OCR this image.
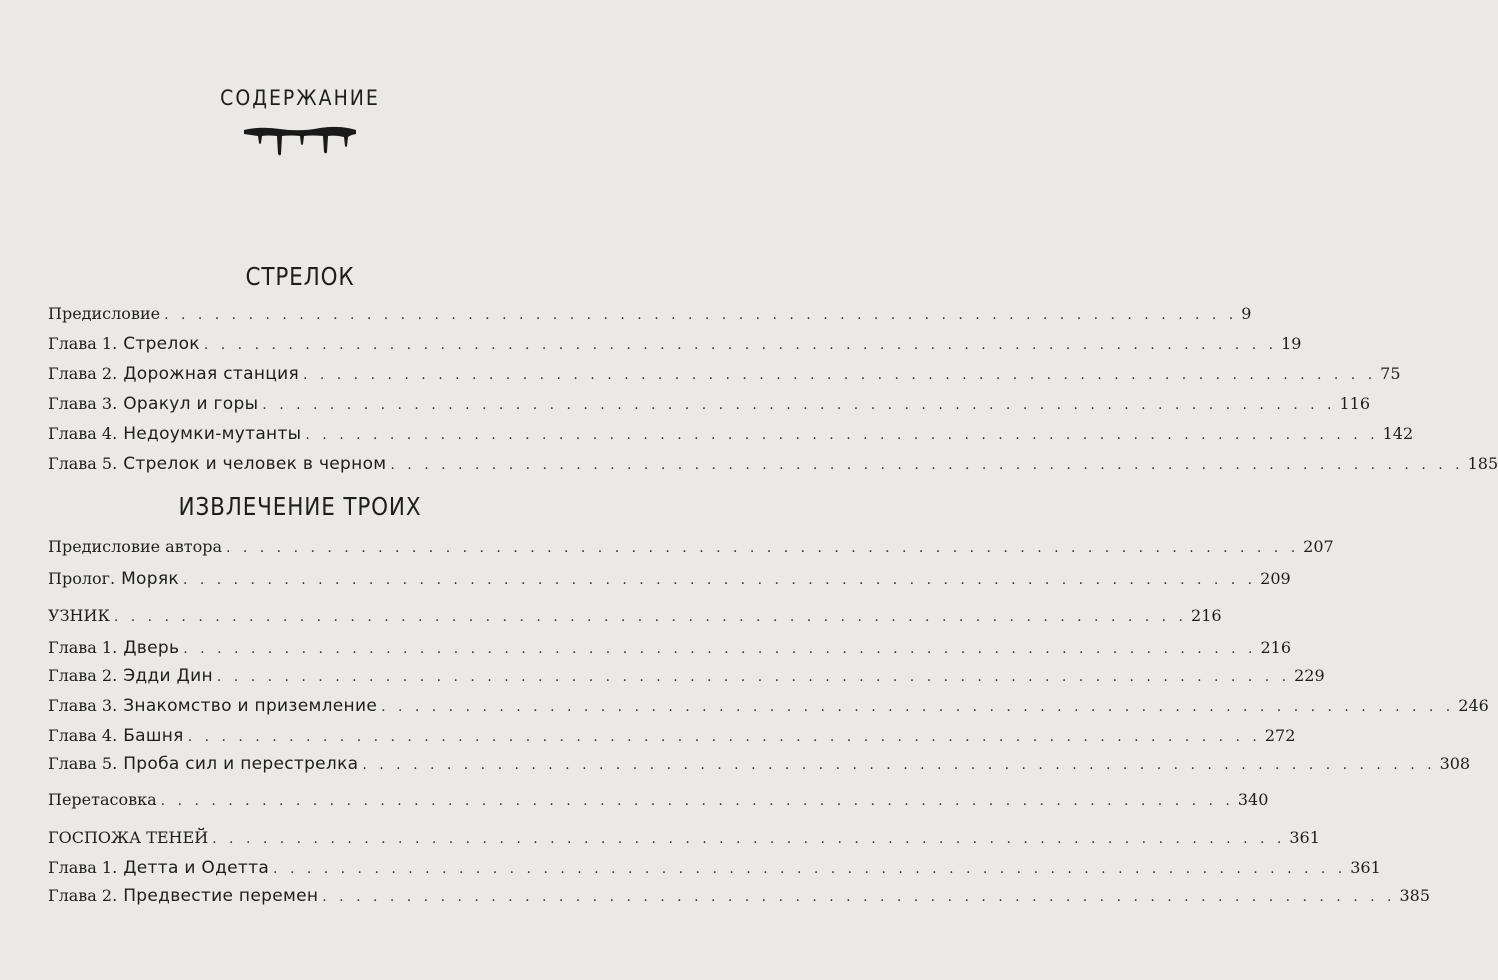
СОДЕРЖАНИЕ
СТРЕЛОК
Предисловие . . . . . . . . . . . . . . . . . . . . . . . . . . . . . . . . . . . . . . . . . . . . . . . . . . . . . . . . . . . . . . . . 9
Глава 1. Стрелок . . . . . . . . . . . . . . . . . . . . . . . . . . . . . . . . . . . . . . . . . . . . . . . . . . . . . . . . . . . . . . . . 19
Глава 2. Дорожная станция . . . . . . . . . . . . . . . . . . . . . . . . . . . . . . . . . . . . . . . . . . . . . . . . . . . . . . . . . . . . . . . . 75
Глава 3. Оракул и горы . . . . . . . . . . . . . . . . . . . . . . . . . . . . . . . . . . . . . . . . . . . . . . . . . . . . . . . . . . . . . . . . 116
Глава 4. Недоумки-мутанты . . . . . . . . . . . . . . . . . . . . . . . . . . . . . . . . . . . . . . . . . . . . . . . . . . . . . . . . . . . . . . . . 142
Глава 5. Стрелок и человек в черном . . . . . . . . . . . . . . . . . . . . . . . . . . . . . . . . . . . . . . . . . . . . . . . . . . . . . . . . . . . . . . . . 185
ИЗВЛЕЧЕНИЕ ТРОИХ
Предисловие автора . . . . . . . . . . . . . . . . . . . . . . . . . . . . . . . . . . . . . . . . . . . . . . . . . . . . . . . . . . . . . . . . 207
Пролог. Моряк . . . . . . . . . . . . . . . . . . . . . . . . . . . . . . . . . . . . . . . . . . . . . . . . . . . . . . . . . . . . . . . . 209
УЗНИК . . . . . . . . . . . . . . . . . . . . . . . . . . . . . . . . . . . . . . . . . . . . . . . . . . . . . . . . . . . . . . . . 216
Глава 1. Дверь . . . . . . . . . . . . . . . . . . . . . . . . . . . . . . . . . . . . . . . . . . . . . . . . . . . . . . . . . . . . . . . . 216
Глава 2. Эдди Дин . . . . . . . . . . . . . . . . . . . . . . . . . . . . . . . . . . . . . . . . . . . . . . . . . . . . . . . . . . . . . . . . 229
Глава 3. Знакомство и приземление . . . . . . . . . . . . . . . . . . . . . . . . . . . . . . . . . . . . . . . . . . . . . . . . . . . . . . . . . . . . . . . . 246
Глава 4. Башня . . . . . . . . . . . . . . . . . . . . . . . . . . . . . . . . . . . . . . . . . . . . . . . . . . . . . . . . . . . . . . . . 272
Глава 5. Проба сил и перестрелка . . . . . . . . . . . . . . . . . . . . . . . . . . . . . . . . . . . . . . . . . . . . . . . . . . . . . . . . . . . . . . . . 308
Перетасовка . . . . . . . . . . . . . . . . . . . . . . . . . . . . . . . . . . . . . . . . . . . . . . . . . . . . . . . . . . . . . . . . 340
ГОСПОЖА ТЕНЕЙ . . . . . . . . . . . . . . . . . . . . . . . . . . . . . . . . . . . . . . . . . . . . . . . . . . . . . . . . . . . . . . . . 361
Глава 1. Детта и Одетта . . . . . . . . . . . . . . . . . . . . . . . . . . . . . . . . . . . . . . . . . . . . . . . . . . . . . . . . . . . . . . . . 361
Глава 2. Предвестие перемен . . . . . . . . . . . . . . . . . . . . . . . . . . . . . . . . . . . . . . . . . . . . . . . . . . . . . . . . . . . . . . . . 385
